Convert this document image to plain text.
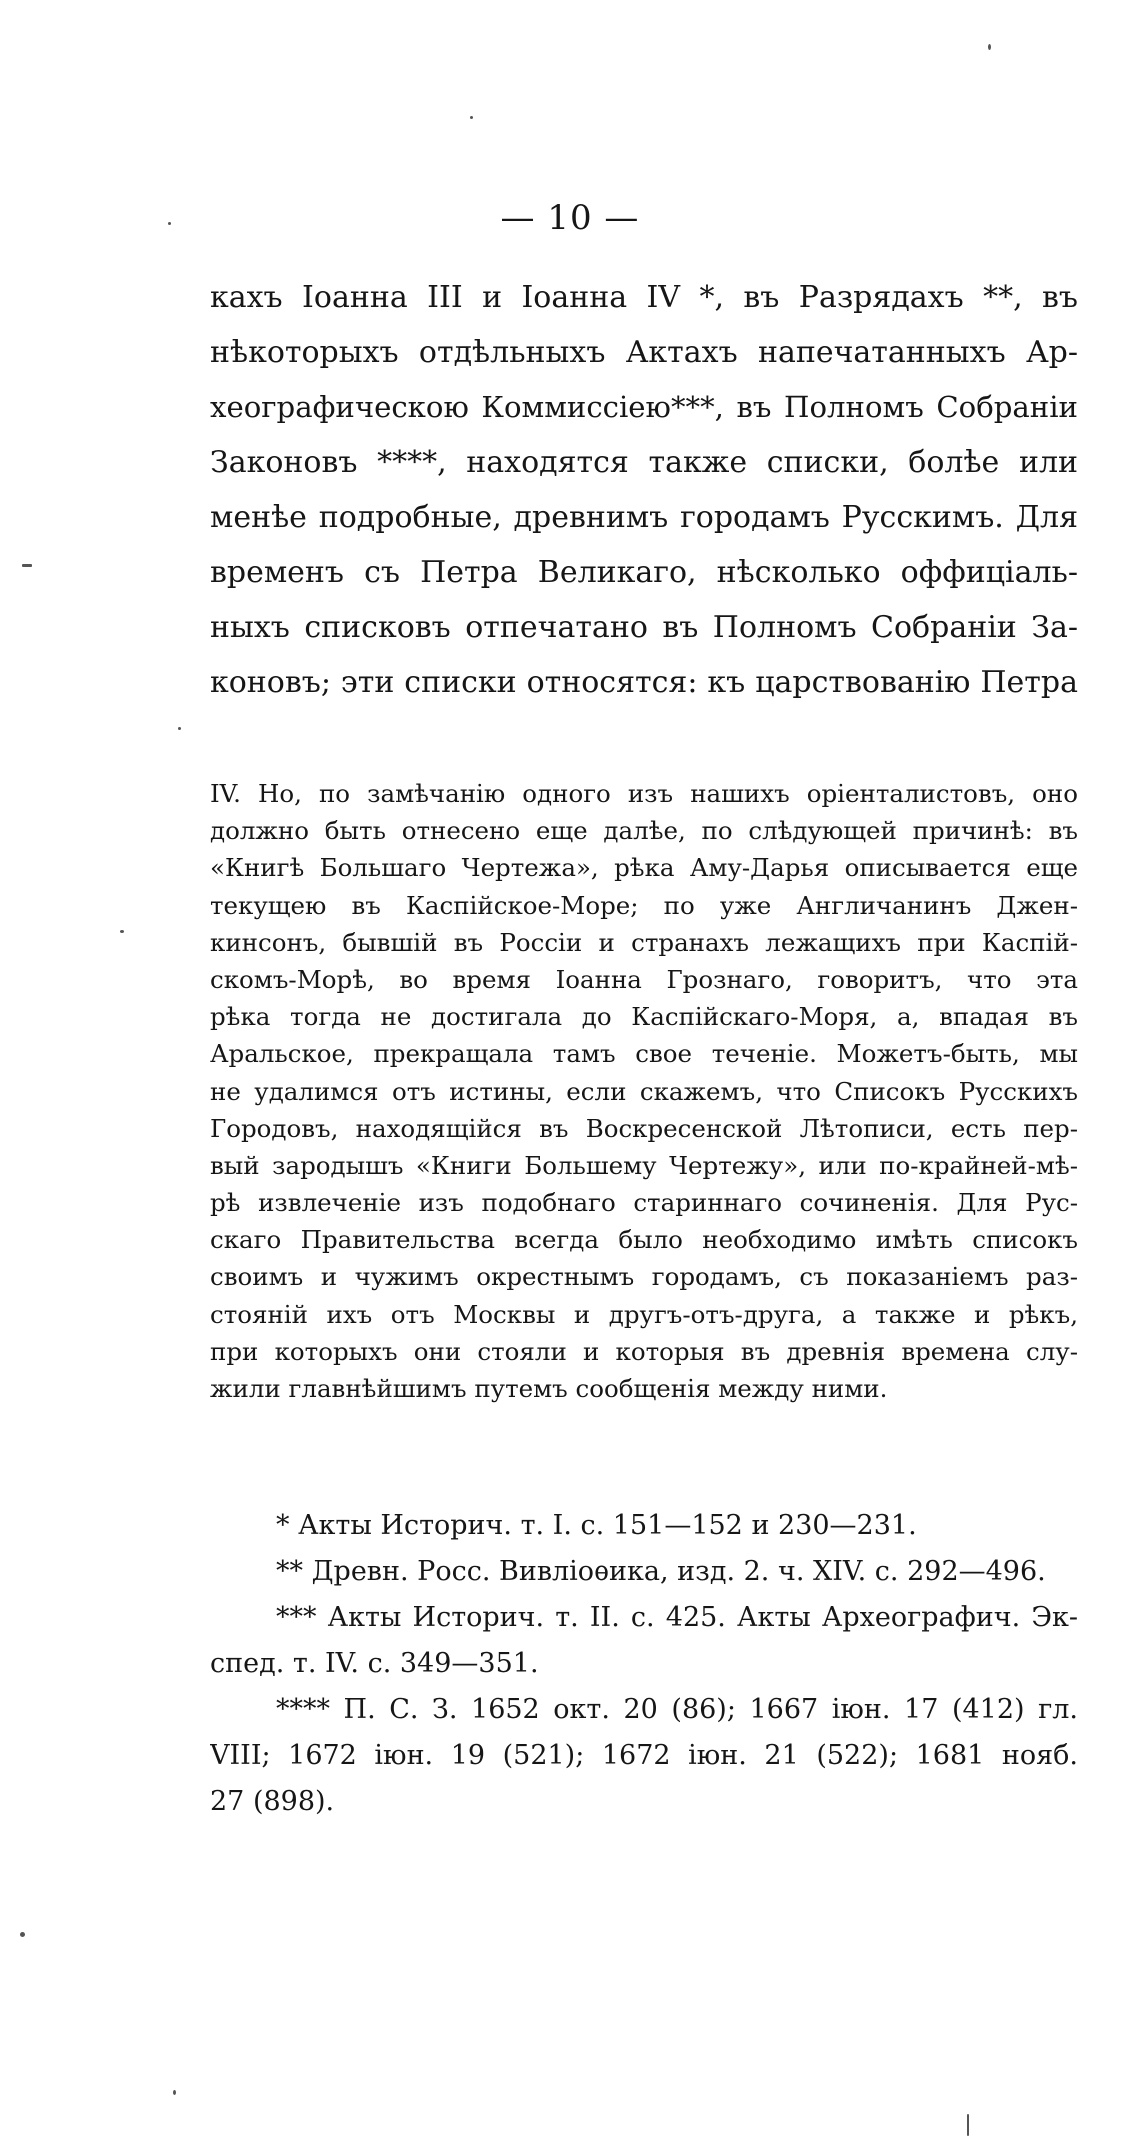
— 10 —
кахъ Іоанна III и Іоанна IV *, въ Разрядахъ **, въ
нѣкоторыхъ отдѣльныхъ Актахъ напечатанныхъ Ар-
хеографическою Коммиссіею***, въ Полномъ Собраніи
Законовъ ****, находятся также списки, болѣе или
менѣе подробные, древнимъ городамъ Русскимъ. Для
временъ съ Петра Великаго, нѣсколько оффиціаль-
ныхъ списковъ отпечатано въ Полномъ Собраніи За-
коновъ; эти списки относятся: къ царствованію Петра
IV. Но, по замѣчанію одного изъ нашихъ оріенталистовъ, оно
должно быть отнесено еще далѣе, по слѣдующей причинѣ: въ
«Книгѣ Большаго Чертежа», рѣка Аму-Дарья описывается еще
текущею въ Каспійское-Море; по уже Англичанинъ Джен-
кинсонъ, бывшій въ Россіи и странахъ лежащихъ при Каспій-
скомъ-Морѣ, во время Іоанна Грознаго, говоритъ, что эта
рѣка тогда не достигала до Каспійскаго-Моря, а, впадая въ
Аральское, прекращала тамъ свое теченіе. Можетъ-быть, мы
не удалимся отъ истины, если скажемъ, что Списокъ Русскихъ
Городовъ, находящійся въ Воскресенской Лѣтописи, есть пер-
вый зародышъ «Книги Большему Чертежу», или по-крайней-мѣ-
рѣ извлеченіе изъ подобнаго стариннаго сочиненія. Для Рус-
скаго Правительства всегда было необходимо имѣть списокъ
своимъ и чужимъ окрестнымъ городамъ, съ показаніемъ раз-
стояній ихъ отъ Москвы и другъ-отъ-друга, а также и рѣкъ,
при которыхъ они стояли и которыя въ древнія времена слу-
жили главнѣйшимъ путемъ сообщенія между ними.
* Акты Историч. т. І. с. 151—152 и 230—231.
** Древн. Росс. Вивліоѳика, изд. 2. ч. XIV. с. 292—496.
*** Акты Историч. т. II. с. 425. Акты Археографич. Эк-
спед. т. IV. с. 349—351.
**** П. С. З. 1652 окт. 20 (86); 1667 іюн. 17 (412) гл.
VIII; 1672 іюн. 19 (521); 1672 іюн. 21 (522); 1681 нояб.
27 (898).
